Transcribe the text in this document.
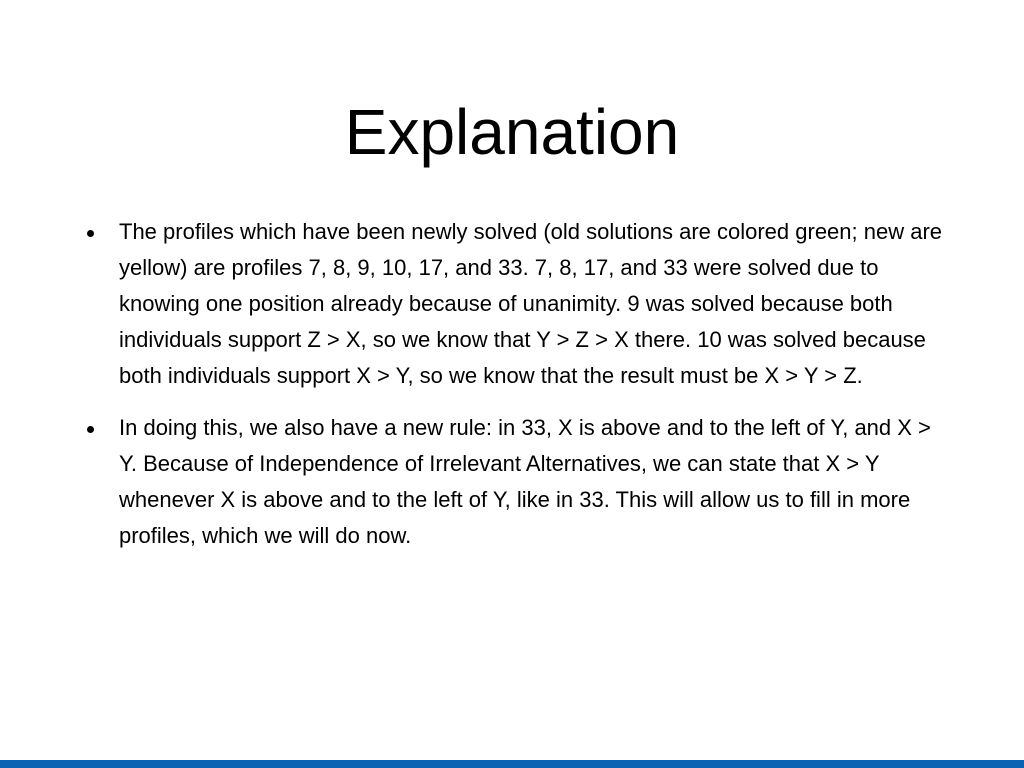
Explanation
The profiles which have been newly solved (old solutions are colored green; new are yellow) are profiles 7, 8, 9, 10, 17, and 33. 7, 8, 17, and 33 were solved due to knowing one position already because of unanimity. 9 was solved because both individuals support Z > X, so we know that Y > Z > X there. 10 was solved because both individuals support X > Y, so we know that the result must be X > Y > Z.
In doing this, we also have a new rule: in 33, X is above and to the left of Y, and X > Y. Because of Independence of Irrelevant Alternatives, we can state that X > Y whenever X is above and to the left of Y, like in 33. This will allow us to fill in more profiles, which we will do now.
